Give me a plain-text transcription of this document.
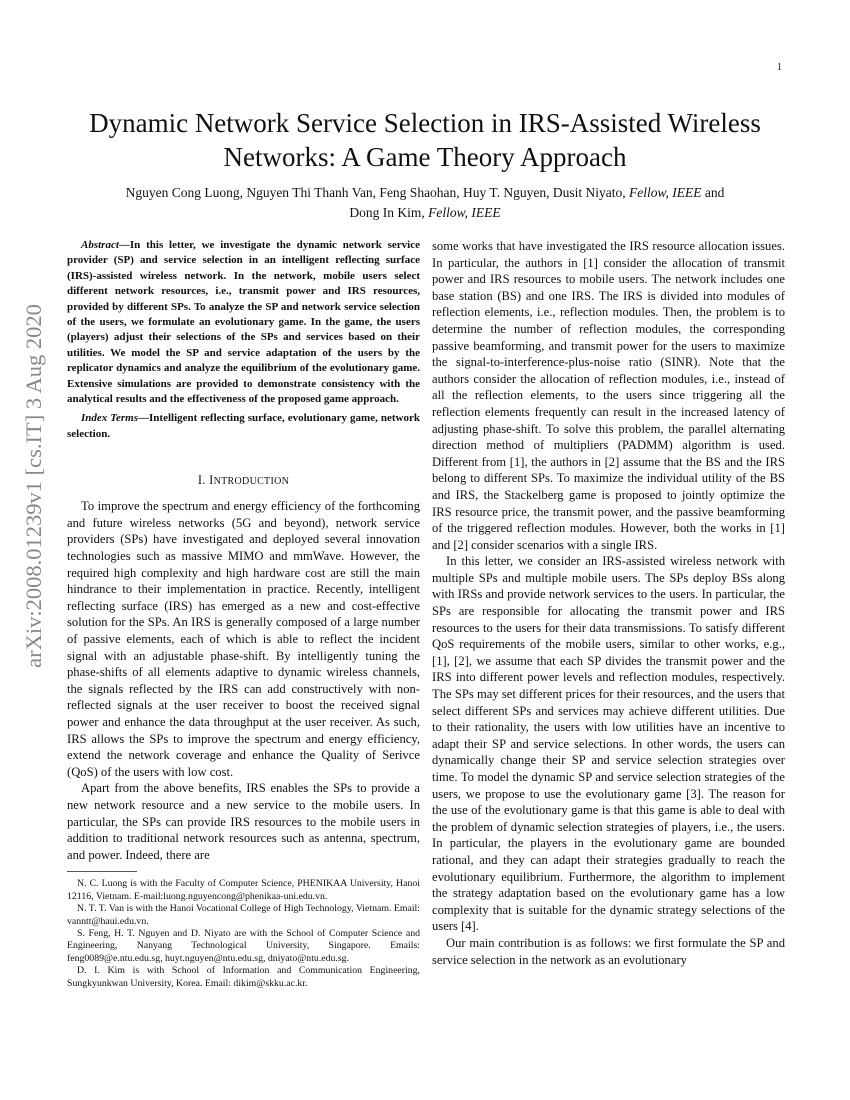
1
arXiv:2008.01239v1 [cs.IT] 3 Aug 2020
Dynamic Network Service Selection in IRS-Assisted Wireless Networks: A Game Theory Approach
Nguyen Cong Luong, Nguyen Thi Thanh Van, Feng Shaohan, Huy T. Nguyen, Dusit Niyato, Fellow, IEEE and
Dong In Kim, Fellow, IEEE

Abstract—In this letter, we investigate the dynamic network service provider (SP) and service selection in an intelligent reflecting surface (IRS)-assisted wireless network. In the network, mobile users select different network resources, i.e., transmit power and IRS resources, provided by different SPs. To analyze the SP and network service selection of the users, we formulate an evolutionary game. In the game, the users (players) adjust their selections of the SPs and services based on their utilities. We model the SP and service adaptation of the users by the replicator dynamics and analyze the equilibrium of the evolutionary game. Extensive simulations are provided to demonstrate consistency with the analytical results and the effectiveness of the proposed game approach.

Index Terms—Intelligent reflecting surface, evolutionary game, network selection.

I. INTRODUCTION

To improve the spectrum and energy efficiency of the forthcoming and future wireless networks (5G and beyond), network service providers (SPs) have investigated and deployed several innovation technologies such as massive MIMO and mmWave. However, the required high complexity and high hardware cost are still the main hindrance to their implementation in practice. Recently, intelligent reflecting surface (IRS) has emerged as a new and cost-effective solution for the SPs. An IRS is generally composed of a large number of passive elements, each of which is able to reflect the incident signal with an adjustable phase-shift. By intelligently tuning the phase-shifts of all elements adaptive to dynamic wireless channels, the signals reflected by the IRS can add constructively with non-reflected signals at the user receiver to boost the received signal power and enhance the data throughput at the user receiver. As such, IRS allows the SPs to improve the spectrum and energy efficiency, extend the network coverage and enhance the Quality of Serivce (QoS) of the users with low cost.

Apart from the above benefits, IRS enables the SPs to provide a new network resource and a new service to the mobile users. In particular, the SPs can provide IRS resources to the mobile users in addition to traditional network resources such as antenna, spectrum, and power. Indeed, there are

N. C. Luong is with the Faculty of Computer Science, PHENIKAA University, Hanoi 12116, Vietnam. E-mail:luong.nguyencong@phenikaa-uni.edu.vn.

N. T. T. Van is with the Hanoi Vocational College of High Technology, Vietnam. Email: vanntt@haui.edu.vn.

S. Feng, H. T. Nguyen and D. Niyato are with the School of Computer Science and Engineering, Nanyang Technological University, Singapore. Emails: feng0089@e.ntu.edu.sg, huyt.nguyen@ntu.edu.sg, dniyato@ntu.edu.sg.

D. I. Kim is with School of Information and Communication Engineering, Sungkyunkwan University, Korea. Email: dikim@skku.ac.kr.

some works that have investigated the IRS resource allocation issues. In particular, the authors in [1] consider the allocation of transmit power and IRS resources to mobile users. The network includes one base station (BS) and one IRS. The IRS is divided into modules of reflection elements, i.e., reflection modules. Then, the problem is to determine the number of reflection modules, the corresponding passive beamforming, and transmit power for the users to maximize the signal-to-interference-plus-noise ratio (SINR). Note that the authors consider the allocation of reflection modules, i.e., instead of all the reflection elements, to the users since triggering all the reflection elements frequently can result in the increased latency of adjusting phase-shift. To solve this problem, the parallel alternating direction method of multipliers (PADMM) algorithm is used. Different from [1], the authors in [2] assume that the BS and the IRS belong to different SPs. To maximize the individual utility of the BS and IRS, the Stackelberg game is proposed to jointly optimize the IRS resource price, the transmit power, and the passive beamforming of the triggered reflection modules. However, both the works in [1] and [2] consider scenarios with a single IRS.

In this letter, we consider an IRS-assisted wireless network with multiple SPs and multiple mobile users. The SPs deploy BSs along with IRSs and provide network services to the users. In particular, the SPs are responsible for allocating the transmit power and IRS resources to the users for their data transmissions. To satisfy different QoS requirements of the mobile users, similar to other works, e.g., [1], [2], we assume that each SP divides the transmit power and the IRS into different power levels and reflection modules, respectively. The SPs may set different prices for their resources, and the users that select different SPs and services may achieve different utilities. Due to their rationality, the users with low utilities have an incentive to adapt their SP and service selections. In other words, the users can dynamically change their SP and service selection strategies over time. To model the dynamic SP and service selection strategies of the users, we propose to use the evolutionary game [3]. The reason for the use of the evolutionary game is that this game is able to deal with the problem of dynamic selection strategies of players, i.e., the users. In particular, the players in the evolutionary game are bounded rational, and they can adapt their strategies gradually to reach the evolutionary equilibrium. Furthermore, the algorithm to implement the strategy adaptation based on the evolutionary game has a low complexity that is suitable for the dynamic strategy selections of the users [4].

Our main contribution is as follows: we first formulate the SP and service selection in the network as an evolutionary
